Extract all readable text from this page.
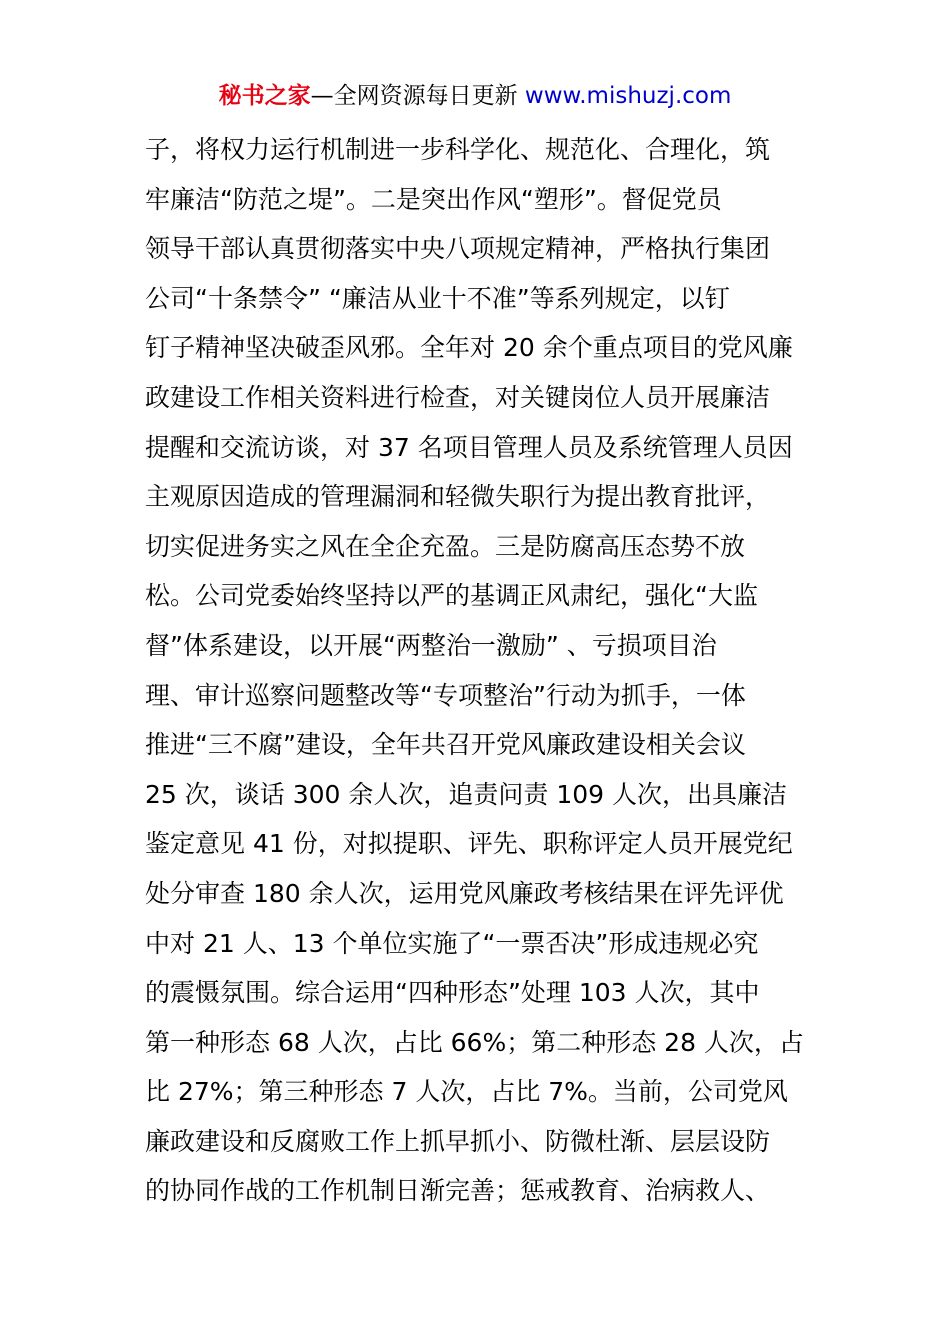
秘书之家—全网资源每日更新 www.mishuzj.com
子，将权力运行机制进一步科学化、规范化、合理化，筑
牢廉洁“防范之堤”。二是突出作风“塑形”。督促党员
领导干部认真贯彻落实中央八项规定精神，严格执行集团
公司“十条禁令” “廉洁从业十不准”等系列规定，以钉
钉子精神坚决破歪风邪。全年对 20 余个重点项目的党风廉
政建设工作相关资料进行检查，对关键岗位人员开展廉洁
提醒和交流访谈，对 37 名项目管理人员及系统管理人员因
主观原因造成的管理漏洞和轻微失职行为提出教育批评，
切实促进务实之风在全企充盈。三是防腐高压态势不放
松。公司党委始终坚持以严的基调正风肃纪，强化“大监
督”体系建设，以开展“两整治一激励” 、亏损项目治
理、审计巡察问题整改等“专项整治”行动为抓手，一体
推进“三不腐”建设，全年共召开党风廉政建设相关会议
25 次，谈话 300 余人次，追责问责 109 人次，出具廉洁
鉴定意见 41 份，对拟提职、评先、职称评定人员开展党纪
处分审查 180 余人次，运用党风廉政考核结果在评先评优
中对 21 人、13 个单位实施了“一票否决”形成违规必究
的震慑氛围。综合运用“四种形态”处理 103 人次，其中
第一种形态 68 人次，占比 66%；第二种形态 28 人次，占
比 27%；第三种形态 7 人次，占比 7%。当前，公司党风
廉政建设和反腐败工作上抓早抓小、防微杜渐、层层设防
的协同作战的工作机制日渐完善；惩戒教育、治病救人、
